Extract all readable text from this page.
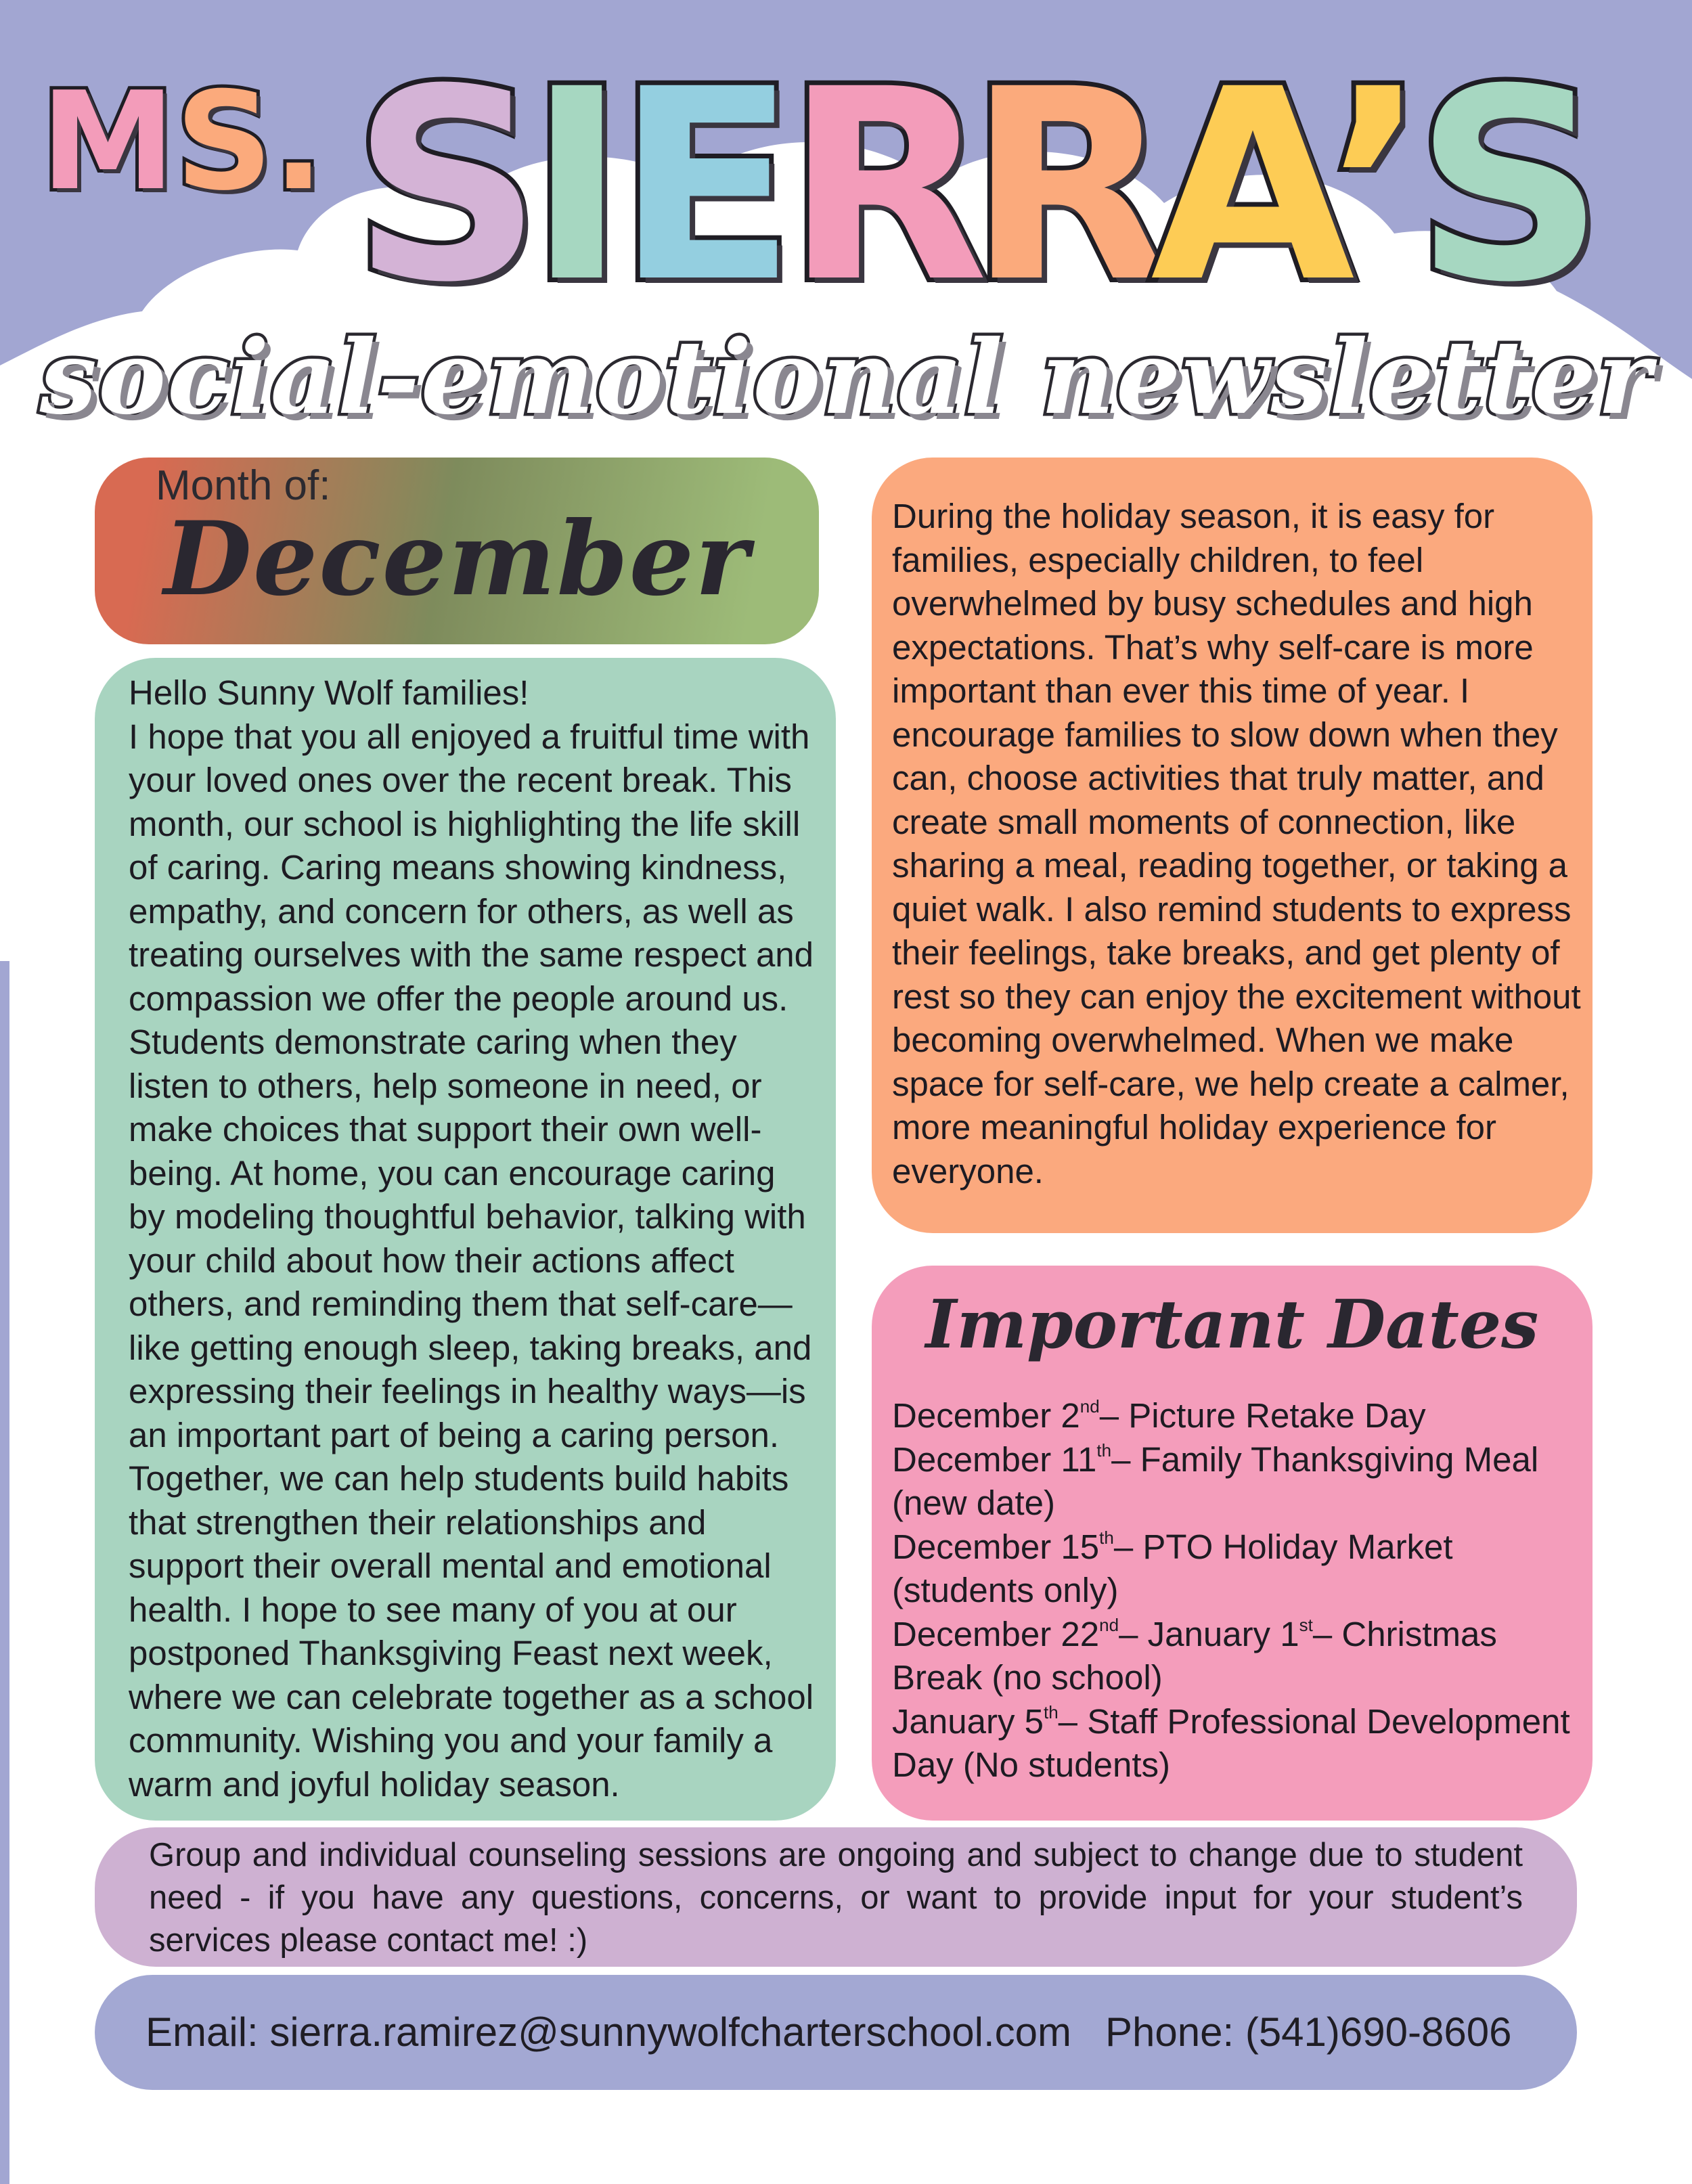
MS. S
I
E
R
R
A
’
S
social-emotional newsletter
Month of:
December

Hello Sunny Wolf families!
I hope that you all enjoyed a fruitful time with your loved ones over the recent break. This month, our school is highlighting the life skill of caring. Caring means showing kindness, empathy, and concern for others, as well as treating ourselves with the same respect and compassion we offer the people around us. Students demonstrate caring when they listen to others, help someone in need, or make choices that support their own well-being. At home, you can encourage caring by modeling thoughtful behavior, talking with your child about how their actions affect others, and reminding them that self-care—like getting enough sleep, taking breaks, and expressing their feelings in healthy ways—is an important part of being a caring person. Together, we can help students build habits that strengthen their relationships and support their overall mental and emotional health. I hope to see many of you at our postponed Thanksgiving Feast next week, where we can celebrate together as a school community. Wishing you and your family a warm and joyful holiday season.

During the holiday season, it is easy for families, especially children, to feel overwhelmed by busy schedules and high expectations. That’s why self-care is more important than ever this time of year. I encourage families to slow down when they can, choose activities that truly matter, and create small moments of connection, like sharing a meal, reading together, or taking a quiet walk. I also remind students to express their feelings, take breaks, and get plenty of rest so they can enjoy the excitement without becoming overwhelmed. When we make space for self-care, we help create a calmer, more meaningful holiday experience for everyone.

Important Dates
December 2nd– Picture Retake Day
December 11th– Family Thanksgiving Meal (new date)
December 15th– PTO Holiday Market (students only)
December 22nd– January 1st– Christmas Break (no school)
January 5th– Staff Professional Development Day (No students)

Group and individual counseling sessions are ongoing and subject to change due to student need - if you have any questions, concerns, or want to provide input for your student’s services please contact me! :)

Email: sierra.ramirez@sunnywolfcharterschool.com Phone: (541)690-8606
